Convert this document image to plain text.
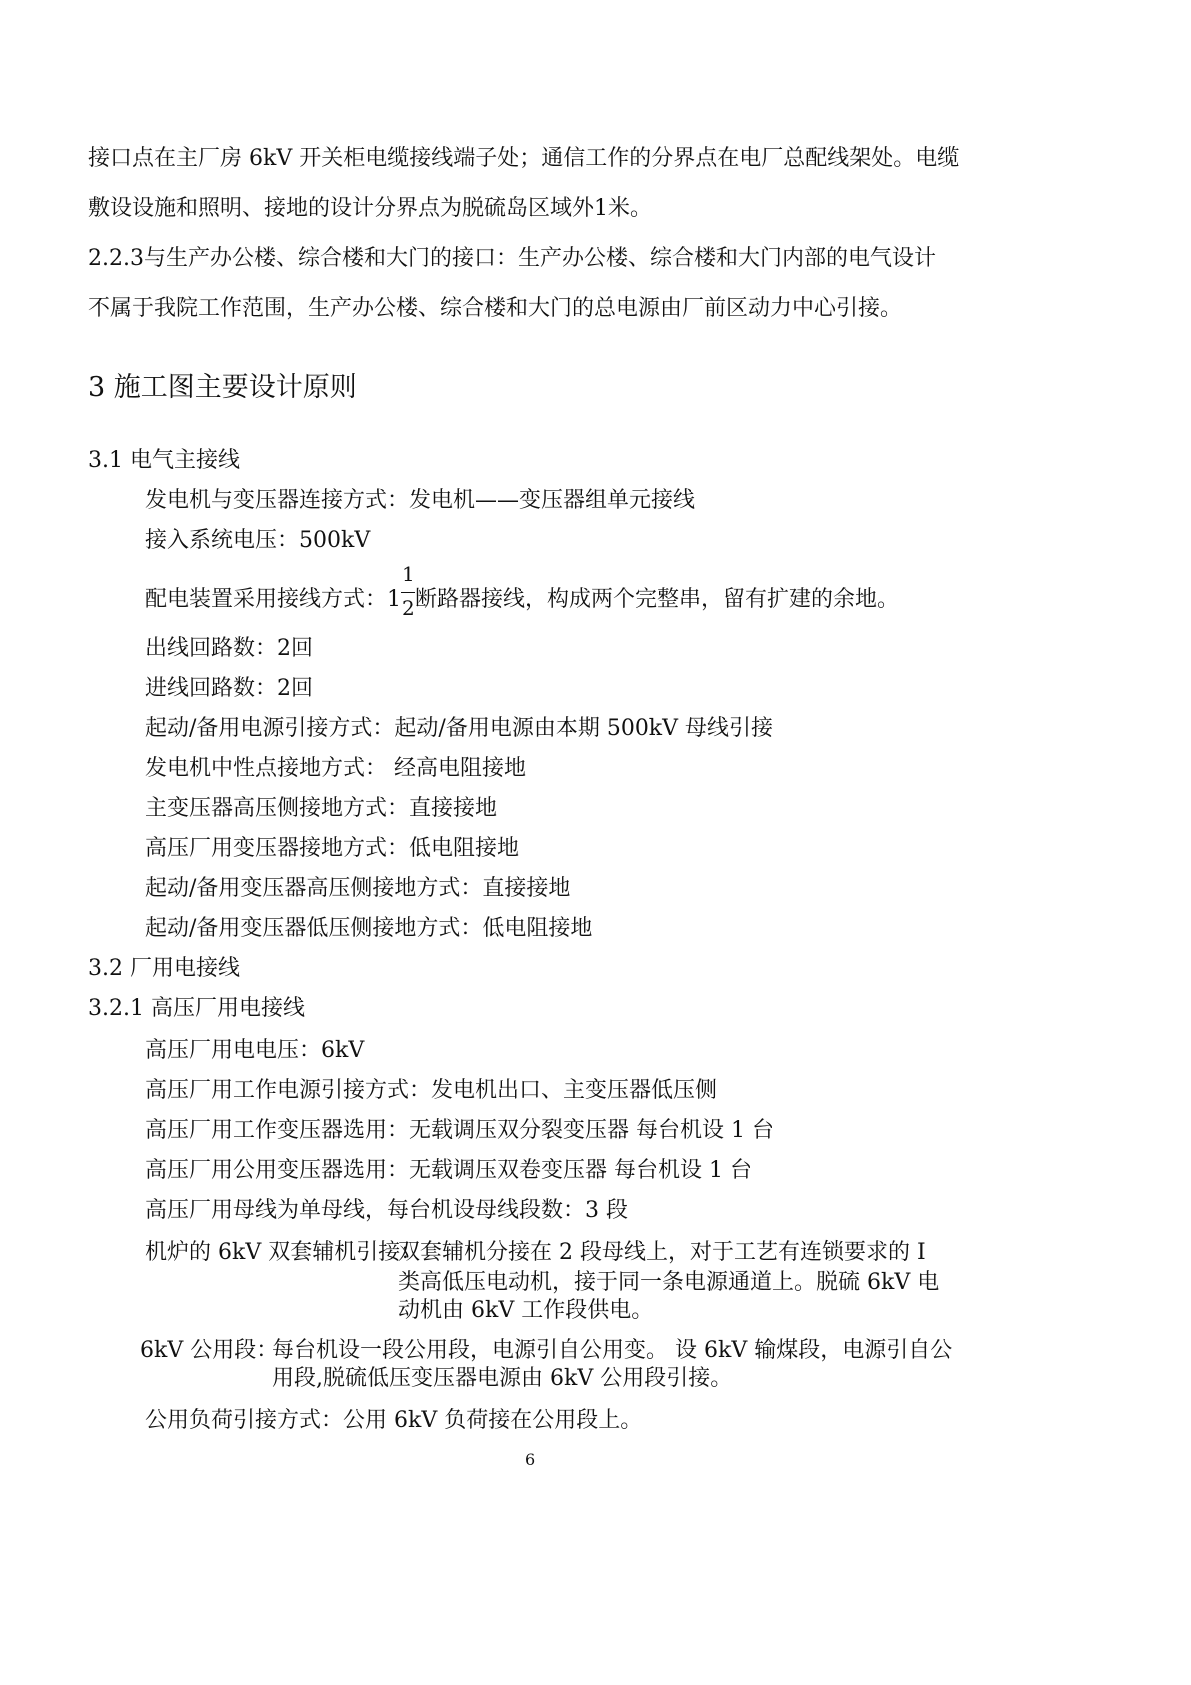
接口点在主厂房 6kV 开关柜电缆接线端子处；通信工作的分界点在电厂总配线架处。电缆
敷设设施和照明、接地的设计分界点为脱硫岛区域外1米。
2.2.3与生产办公楼、综合楼和大门的接口：生产办公楼、综合楼和大门内部的电气设计
不属于我院工作范围，生产办公楼、综合楼和大门的总电源由厂前区动力中心引接。
3 施工图主要设计原则
3.1 电气主接线
发电机与变压器连接方式：发电机——变压器组单元接线
接入系统电压：500kV
配电装置采用接线方式：$1 \frac{1}{2}$ 断路器接线，构成两个完整串，留有扩建的余地。
出线回路数：2回
进线回路数：2回
起动/备用电源引接方式：起动/备用电源由本期 500kV 母线引接
发电机中性点接地方式： 经高电阻接地
主变压器高压侧接地方式：直接接地
高压厂用变压器接地方式：低电阻接地
起动/备用变压器高压侧接地方式：直接接地
起动/备用变压器低压侧接地方式：低电阻接地
3.2 厂用电接线
3.2.1 高压厂用电接线
高压厂用电电压：6kV
高压厂用工作电源引接方式：发电机出口、主变压器低压侧
高压厂用工作变压器选用：无载调压双分裂变压器 每台机设 1 台
高压厂用公用变压器选用：无载调压双卷变压器 每台机设 1 台
高压厂用母线为单母线，每台机设母线段数：3 段
机炉的 6kV 双套辅机引接：
双套辅机分接在 2 段母线上，对于工艺有连锁要求的 I
类高低压电动机，接于同一条电源通道上。脱硫 6kV 电
动机由 6kV 工作段供电。
6kV 公用段：
每台机设一段公用段，电源引自公用变。 设 6kV 输煤段，电源引自公
用段,脱硫低压变压器电源由 6kV 公用段引接。
公用负荷引接方式：公用 6kV 负荷接在公用段上。
6
